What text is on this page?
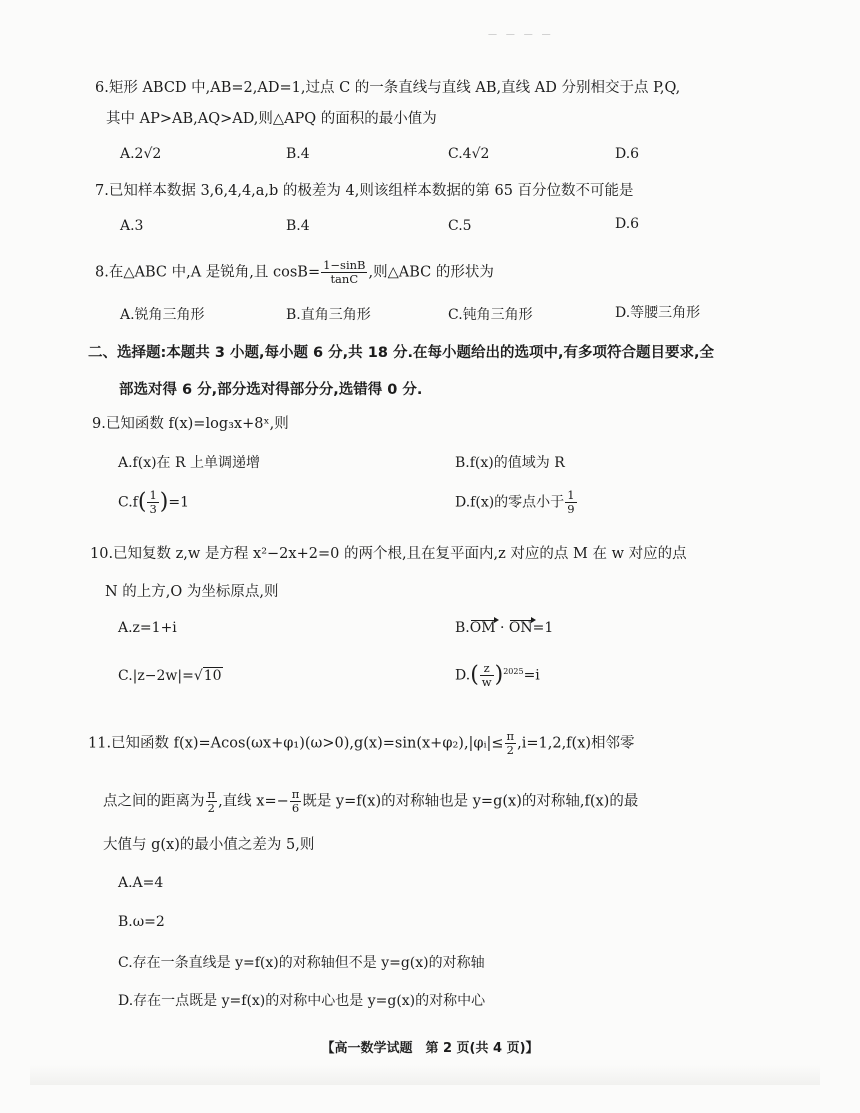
— — — —
6.矩形 ABCD 中,AB=2,AD=1,过点 C 的一条直线与直线 AB,直线 AD 分别相交于点 P,Q,
其中 AP>AB,AQ>AD,则△APQ 的面积的最小值为
A.2√2	B.4	C.4√2	D.6
7.已知样本数据 3,6,4,4,a,b 的极差为 4,则该组样本数据的第 65 百分位数不可能是
A.3	B.4	C.5	D.6
8.在△ABC 中,A 是锐角,且 $\cos B= \frac{1-\sin B}{\tan C}$ ,则△ABC 的形状为
A.锐角三角形	B.直角三角形	C.钝角三角形	D.等腰三角形
二、选择题:本题共 3 小题,每小题 6 分,共 18 分.在每小题给出的选项中,有多项符合题目要求,全
部选对得 6 分,部分选对得部分分,选错得 0 分.
9.已知函数 f(x)=log₃x+8ˣ,则
A.f(x)在 R 上单调递增	B.f(x)的值域为 R
$C.f( \frac{1}{3} )=1$	D.f(x)的零点小于 $\frac{1}{9}$
10.已知复数 z,w 是方程 x²−2x+2=0 的两个根,且在复平面内,z 对应的点 M 在 w 对应的点
N 的上方,O 为坐标原点,则
A.z=1+i	B.OM · ON=1
C.|z−2w|=√10	$D.( \frac{z}{w} )^{2025}=i$
11.已知函数 f(x)=Acos(ωx+φ₁)(ω>0),g(x)=sin(x+φ₂),|φᵢ|≤ $\frac{\pi}{2} ,i=1,2,f(x)$相邻零
点之间的距离为 $\frac{\pi}{2}$ ,直线 $x=- \frac{\pi}{6}$ 既是 y=f(x)的对称轴也是 y=g(x)的对称轴,f(x)的最
大值与 g(x)的最小值之差为 5,则
A.A=4
B.ω=2
C.存在一条直线是 y=f(x)的对称轴但不是 y=g(x)的对称轴
D.存在一点既是 y=f(x)的对称中心也是 y=g(x)的对称中心
【高一数学试题　第 2 页(共 4 页)】
